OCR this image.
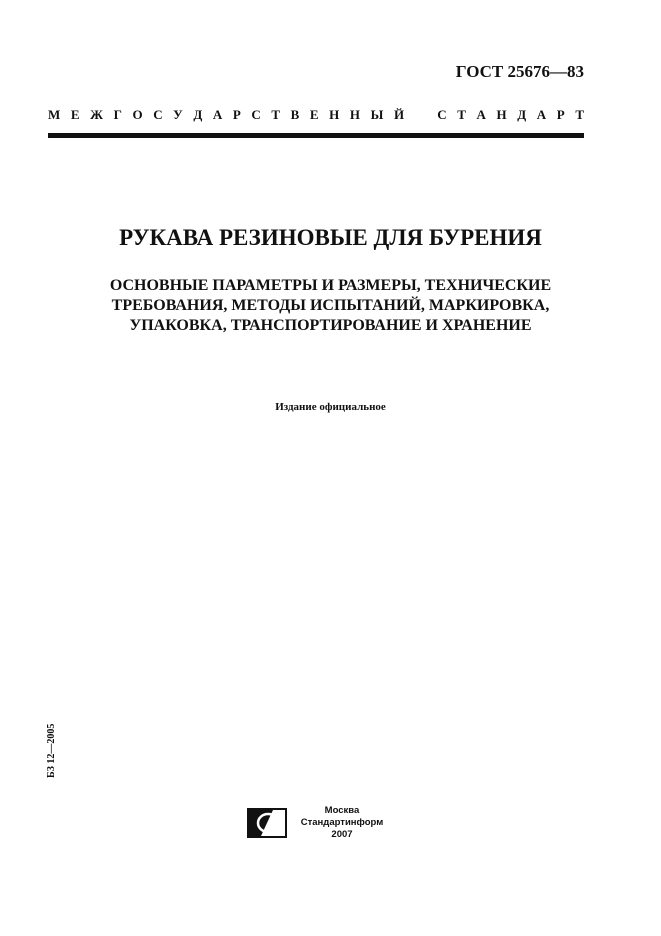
ГОСТ 25676—83
М Е Ж Г О С У Д А Р С Т В Е Н Н Ы Й	С Т А Н Д А Р Т
РУКАВА РЕЗИНОВЫЕ ДЛЯ БУРЕНИЯ
ОСНОВНЫЕ ПАРАМЕТРЫ И РАЗМЕРЫ, ТЕХНИЧЕСКИЕ
ТРЕБОВАНИЯ, МЕТОДЫ ИСПЫТАНИЙ, МАРКИРОВКА,
УПАКОВКА, ТРАНСПОРТИРОВАНИЕ И ХРАНЕНИЕ
Издание официальное
БЗ 12—2005
СИ
Москва
Стандартинформ
2007
